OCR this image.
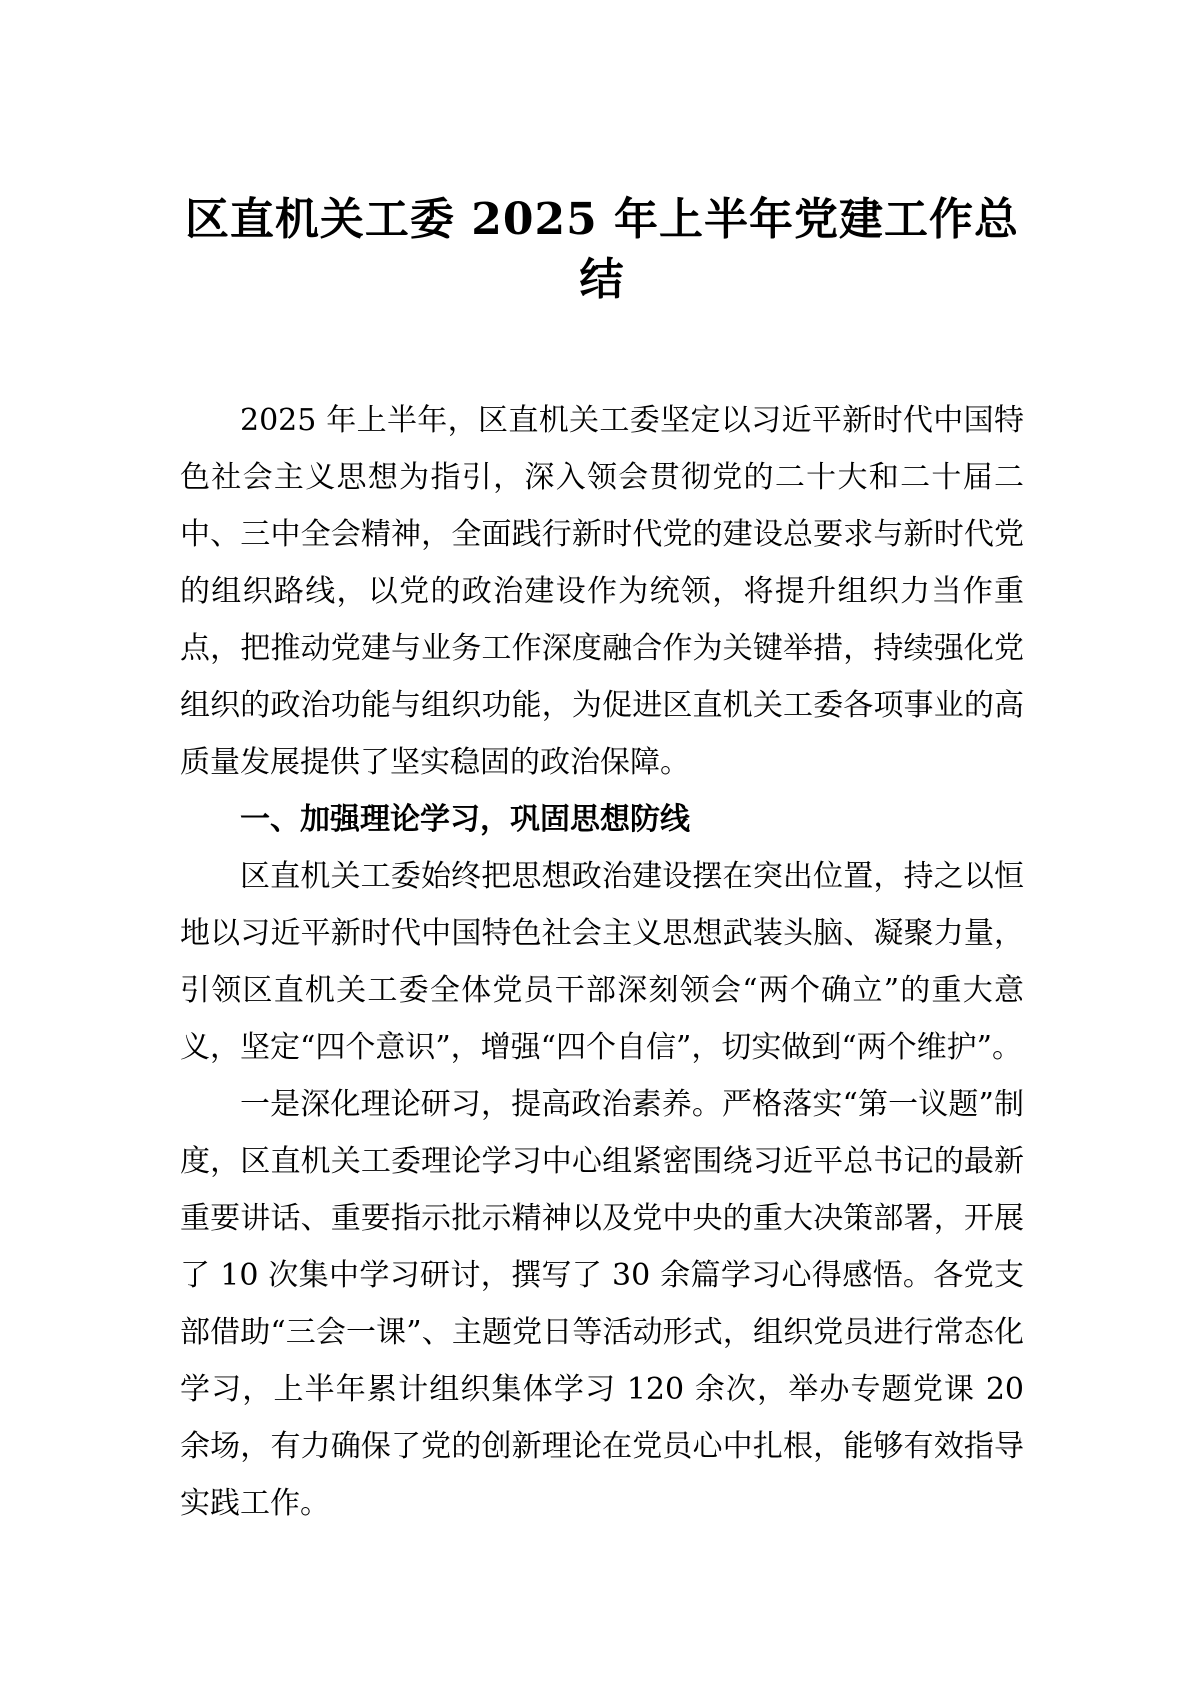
区直机关工委 2025 年上半年党建工作总结

2025 年上半年，区直机关工委坚定以习近平新时代中国特色社会主义思想为指引，深入领会贯彻党的二十大和二十届二中、三中全会精神，全面践行新时代党的建设总要求与新时代党的组织路线，以党的政治建设作为统领，将提升组织力当作重点，把推动党建与业务工作深度融合作为关键举措，持续强化党组织的政治功能与组织功能，为促进区直机关工委各项事业的高质量发展提供了坚实稳固的政治保障。

一、加强理论学习，巩固思想防线

区直机关工委始终把思想政治建设摆在突出位置，持之以恒地以习近平新时代中国特色社会主义思想武装头脑、凝聚力量，引领区直机关工委全体党员干部深刻领会“两个确立”的重大意义，坚定“四个意识”，增强“四个自信”，切实做到“两个维护”。

一是深化理论研习，提高政治素养。严格落实“第一议题”制度，区直机关工委理论学习中心组紧密围绕习近平总书记的最新重要讲话、重要指示批示精神以及党中央的重大决策部署，开展了 10 次集中学习研讨，撰写了 30 余篇学习心得感悟。各党支部借助“三会一课”、主题党日等活动形式，组织党员进行常态化学习，上半年累计组织集体学习 120 余次，举办专题党课 20 余场，有力确保了党的创新理论在党员心中扎根，能够有效指导实践工作。
